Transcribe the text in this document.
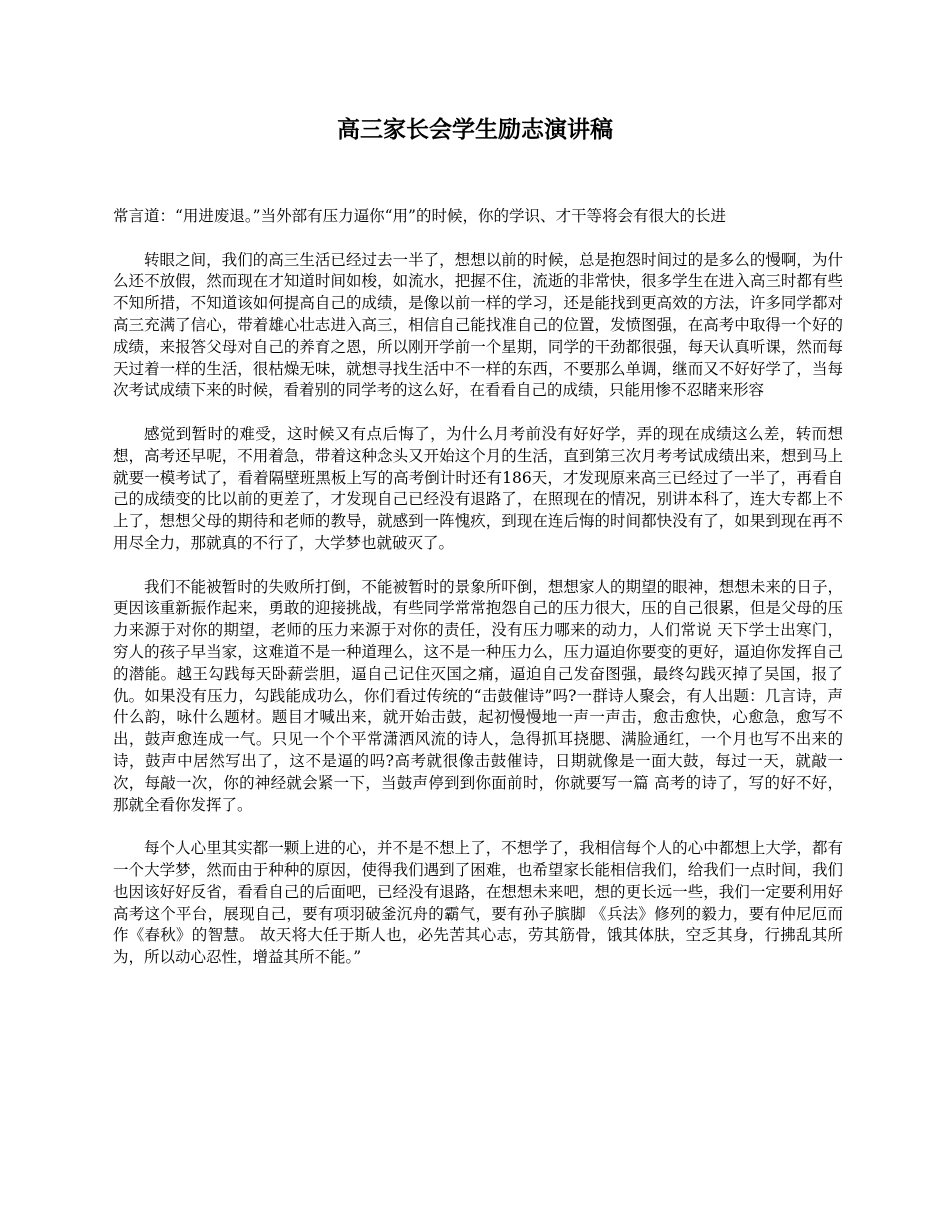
高三家长会学生励志演讲稿

常言道：“用进废退。”当外部有压力逼你“用”的时候，你的学识、才干等将会有很大的长进

转眼之间，我们的高三生活已经过去一半了，想想以前的时候，总是抱怨时间过的是多么的慢啊，为什么还不放假，然而现在才知道时间如梭，如流水，把握不住，流逝的非常快，很多学生在进入高三时都有些不知所措，不知道该如何提高自己的成绩，是像以前一样的学习，还是能找到更高效的方法，许多同学都对高三充满了信心，带着雄心壮志进入高三，相信自己能找准自己的位置，发愤图强，在高考中取得一个好的成绩，来报答父母对自己的养育之恩，所以刚开学前一个星期，同学的干劲都很强，每天认真听课，然而每天过着一样的生活，很枯燥无味，就想寻找生活中不一样的东西，不要那么单调，继而又不好好学了，当每次考试成绩下来的时候，看着别的同学考的这么好，在看看自己的成绩，只能用惨不忍睹来形容

感觉到暂时的难受，这时候又有点后悔了，为什么月考前没有好好学，弄的现在成绩这么差，转而想想，高考还早呢，不用着急，带着这种念头又开始这个月的生活，直到第三次月考考试成绩出来，想到马上就要一模考试了，看着隔壁班黑板上写的高考倒计时还有186天，才发现原来高三已经过了一半了，再看自己的成绩变的比以前的更差了，才发现自己已经没有退路了，在照现在的情况，别讲本科了，连大专都上不上了，想想父母的期待和老师的教导，就感到一阵愧疚，到现在连后悔的时间都快没有了，如果到现在再不用尽全力，那就真的不行了，大学梦也就破灭了。

我们不能被暂时的失败所打倒，不能被暂时的景象所吓倒，想想家人的期望的眼神，想想未来的日子，更因该重新振作起来，勇敢的迎接挑战，有些同学常常抱怨自己的压力很大，压的自己很累，但是父母的压力来源于对你的期望，老师的压力来源于对你的责任，没有压力哪来的动力，人们常说 天下学士出寒门， 穷人的孩子早当家，这难道不是一种道理么，这不是一种压力么，压力逼迫你要变的更好，逼迫你发挥自己的潜能。越王勾践每天卧薪尝胆，逼自己记住灭国之痛，逼迫自己发奋图强，最终勾践灭掉了吴国，报了仇。如果没有压力，勾践能成功么，你们看过传统的“击鼓催诗”吗?一群诗人聚会，有人出题：几言诗，声什么韵，咏什么题材。题目才喊出来，就开始击鼓，起初慢慢地一声一声击，愈击愈快，心愈急，愈写不出，鼓声愈连成一气。只见一个个平常潇洒风流的诗人，急得抓耳挠腮、满脸通红，一个月也写不出来的诗，鼓声中居然写出了，这不是逼的吗?高考就很像击鼓催诗，日期就像是一面大鼓，每过一天，就敲一次，每敲一次，你的神经就会紧一下，当鼓声停到到你面前时，你就要写一篇 高考的诗了，写的好不好，那就全看你发挥了。

每个人心里其实都一颗上进的心，并不是不想上了，不想学了，我相信每个人的心中都想上大学，都有一个大学梦，然而由于种种的原因，使得我们遇到了困难，也希望家长能相信我们，给我们一点时间，我们也因该好好反省，看看自己的后面吧，已经没有退路，在想想未来吧，想的更长远一些，我们一定要利用好高考这个平台，展现自己，要有项羽破釜沉舟的霸气，要有孙子膑脚 《兵法》修列的毅力，要有仲尼厄而作《春秋》的智慧。 故天将大任于斯人也，必先苦其心志，劳其筋骨，饿其体肤，空乏其身，行拂乱其所为，所以动心忍性，增益其所不能。”
